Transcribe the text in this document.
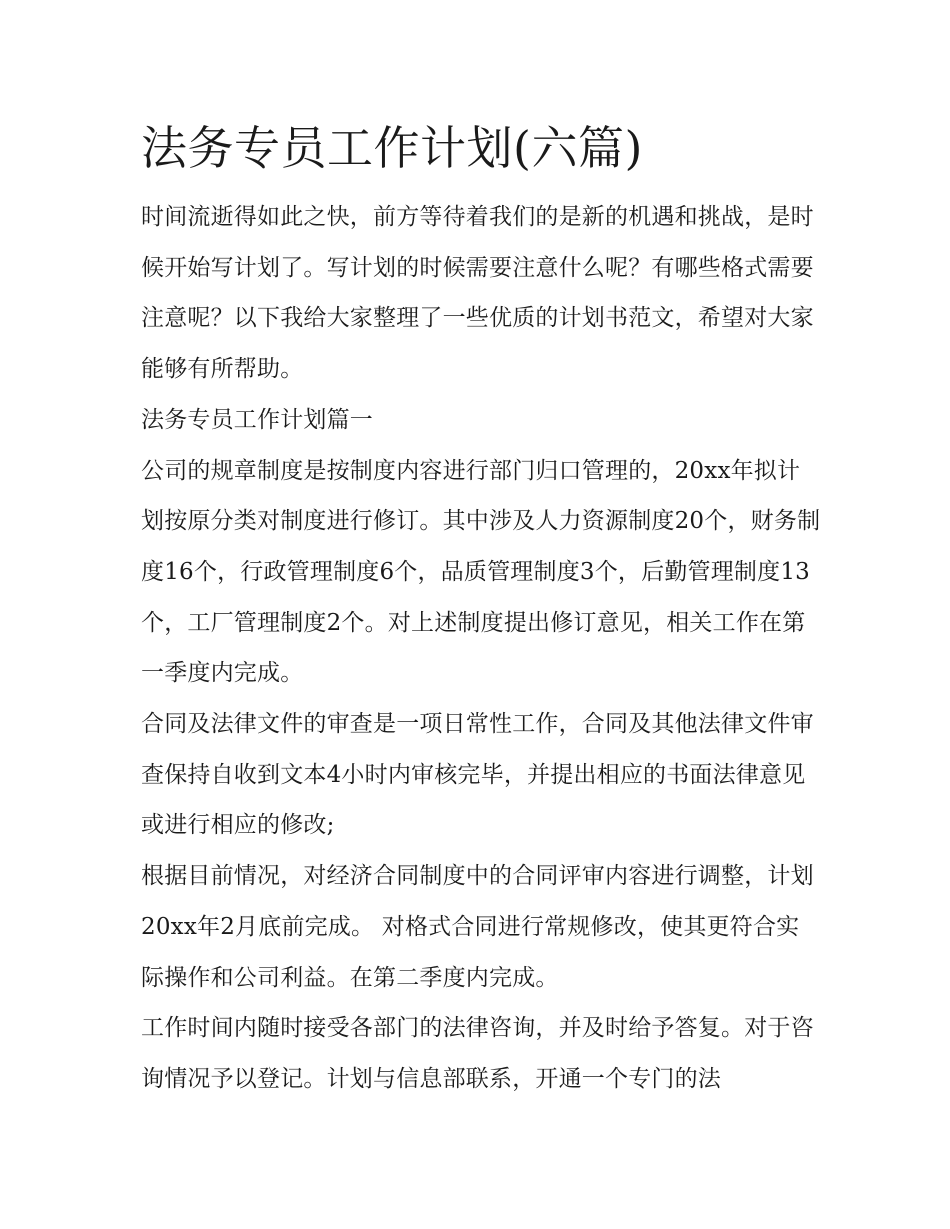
法务专员工作计划(六篇)

时间流逝得如此之快，前方等待着我们的是新的机遇和挑战，是时候开始写计划了。写计划的时候需要注意什么呢？有哪些格式需要注意呢？以下我给大家整理了一些优质的计划书范文，希望对大家能够有所帮助。

法务专员工作计划篇一

公司的规章制度是按制度内容进行部门归口管理的，20xx年拟计划按原分类对制度进行修订。其中涉及人力资源制度20个，财务制度16个，行政管理制度6个，品质管理制度3个，后勤管理制度13个，工厂管理制度2个。对上述制度提出修订意见，相关工作在第一季度内完成。

合同及法律文件的审查是一项日常性工作，合同及其他法律文件审查保持自收到文本4小时内审核完毕，并提出相应的书面法律意见或进行相应的修改;

根据目前情况，对经济合同制度中的合同评审内容进行调整，计划20xx年2月底前完成。 对格式合同进行常规修改，使其更符合实际操作和公司利益。在第二季度内完成。

工作时间内随时接受各部门的法律咨询，并及时给予答复。对于咨询情况予以登记。计划与信息部联系，开通一个专门的法
